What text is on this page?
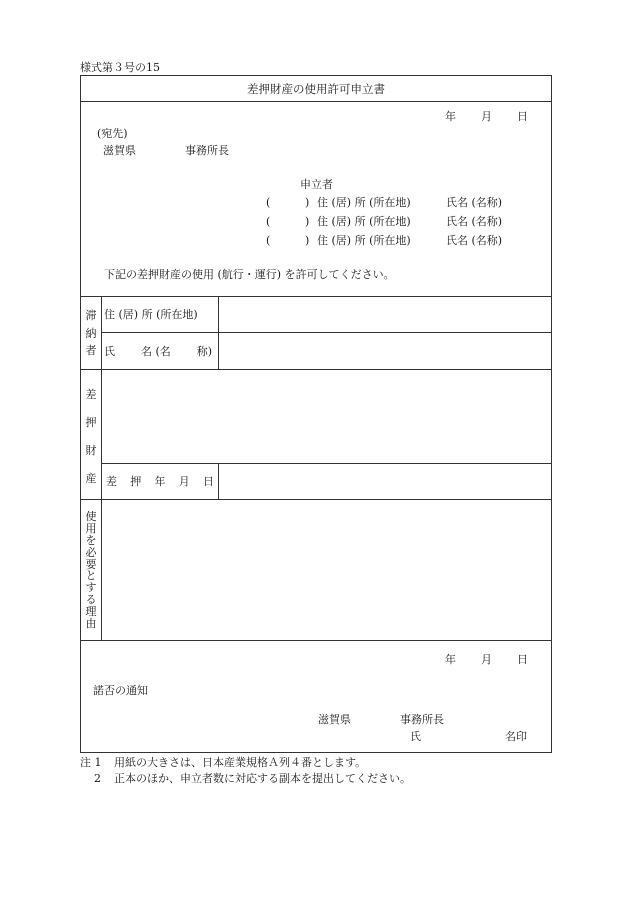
様式第３号の15
差押財産の使用許可申立書
年 月 日
(宛先)
滋賀県	事務所長
申立者
(	) 住 (居) 所 (所在地)	氏名 (名称)
(	) 住 (居) 所 (所在地)	氏名 (名称)
(	) 住 (居) 所 (所在地)	氏名 (名称)
下記の差押財産の使用 (航行・運行) を許可してください。
滞
納
者
住 (居) 所 (所在地)
氏 名 (名 称)
差
押
財
産 差 押 年 月 日
使
用
を
必
要
と
す
る
理
由
年 月 日
諾否の通知
滋賀県	事務所長
氏	名印
注 1 用紙の大きさは、日本産業規格Ａ列４番とします。
2 正本のほか、申立者数に対応する副本を提出してください。
